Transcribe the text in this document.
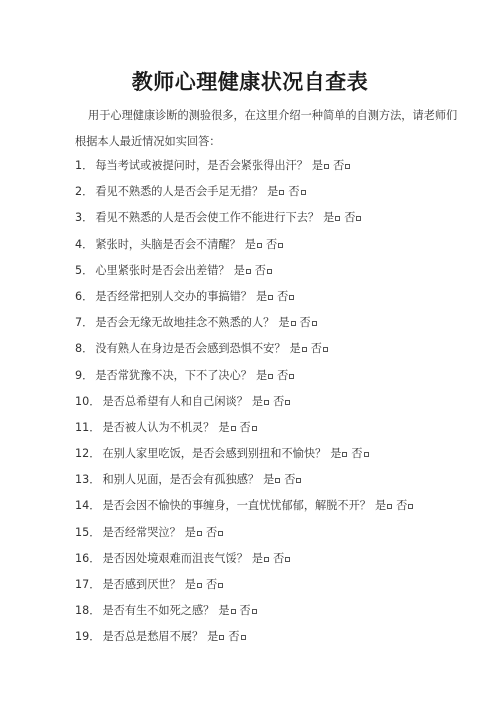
教师心理健康状况自查表
用于心理健康诊断的测验很多，在这里介绍一种简单的自测方法，请老师们
根据本人最近情况如实回答：
1． 每当考试或被提问时，是否会紧张得出汗？ 是 否
2． 看见不熟悉的人是否会手足无措？ 是 否
3． 看见不熟悉的人是否会使工作不能进行下去？ 是 否
4． 紧张时，头脑是否会不清醒？ 是 否
5． 心里紧张时是否会出差错？ 是 否
6． 是否经常把别人交办的事搞错？ 是 否
7． 是否会无缘无故地挂念不熟悉的人？ 是 否
8． 没有熟人在身边是否会感到恐惧不安？ 是 否
9． 是否常犹豫不决，下不了决心？ 是 否
10． 是否总希望有人和自己闲谈？ 是 否
11． 是否被人认为不机灵？ 是 否
12． 在别人家里吃饭，是否会感到别扭和不愉快？ 是 否
13． 和别人见面，是否会有孤独感？ 是 否
14． 是否会因不愉快的事缠身，一直忧忧郁郁，解脱不开？ 是 否
15． 是否经常哭泣？ 是 否
16． 是否因处境艰难而沮丧气馁？ 是 否
17． 是否感到厌世？ 是 否
18． 是否有生不如死之感？ 是 否
19． 是否总是愁眉不展？ 是 否
